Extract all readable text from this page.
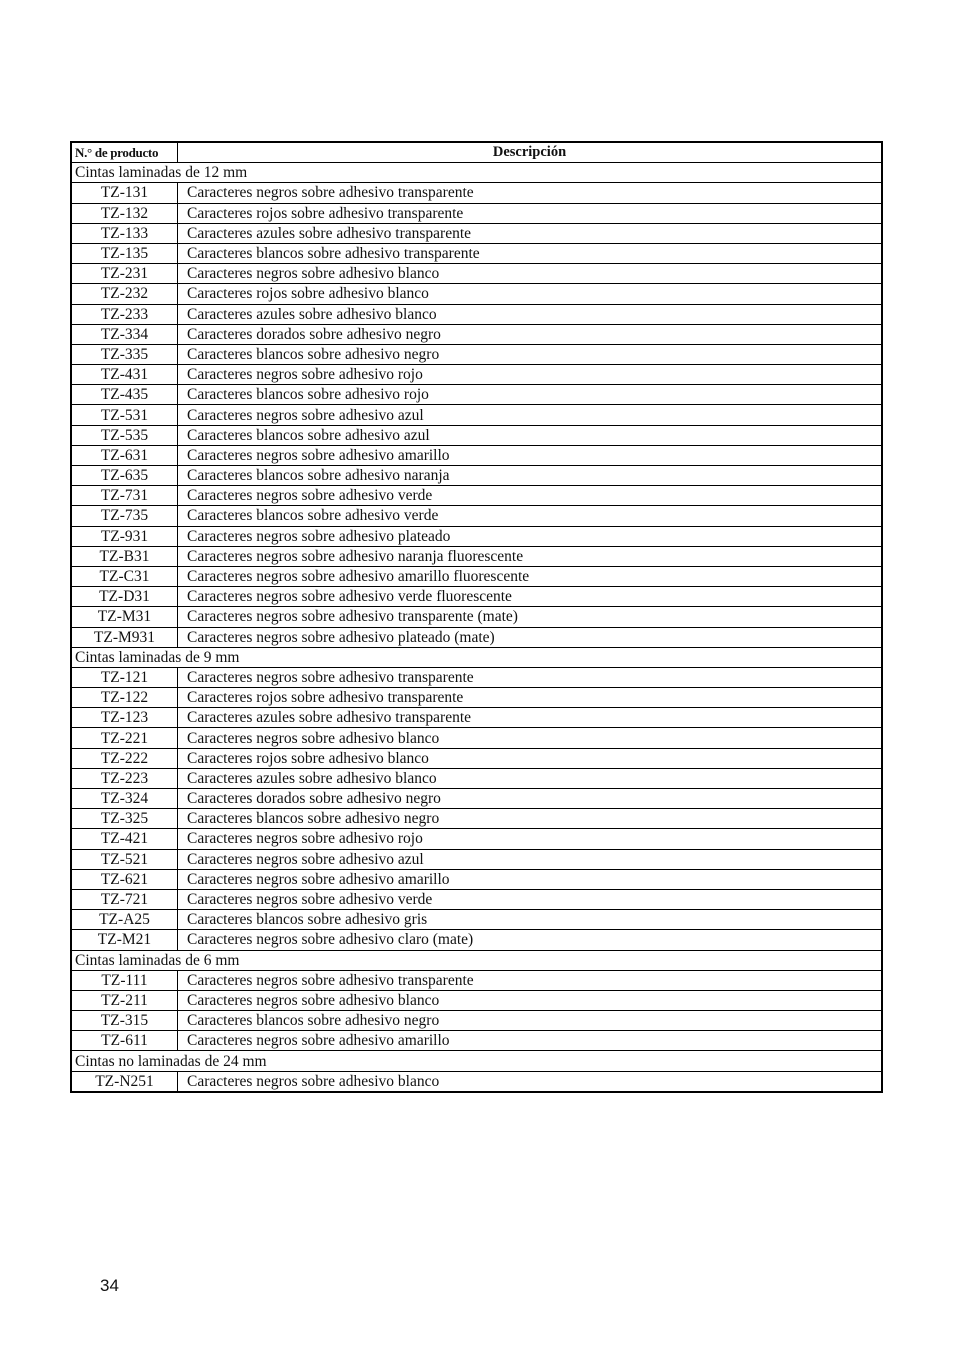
N.° de producto	Descripción
Cintas laminadas de 12 mm	
TZ-131	Caracteres negros sobre adhesivo transparente
TZ-132	Caracteres rojos sobre adhesivo transparente
TZ-133	Caracteres azules sobre adhesivo transparente
TZ-135	Caracteres blancos sobre adhesivo transparente
TZ-231	Caracteres negros sobre adhesivo blanco
TZ-232	Caracteres rojos sobre adhesivo blanco
TZ-233	Caracteres azules sobre adhesivo blanco
TZ-334	Caracteres dorados sobre adhesivo negro
TZ-335	Caracteres blancos sobre adhesivo negro
TZ-431	Caracteres negros sobre adhesivo rojo
TZ-435	Caracteres blancos sobre adhesivo rojo
TZ-531	Caracteres negros sobre adhesivo azul
TZ-535	Caracteres blancos sobre adhesivo azul
TZ-631	Caracteres negros sobre adhesivo amarillo
TZ-635	Caracteres blancos sobre adhesivo naranja
TZ-731	Caracteres negros sobre adhesivo verde
TZ-735	Caracteres blancos sobre adhesivo verde
TZ-931	Caracteres negros sobre adhesivo plateado
TZ-B31	Caracteres negros sobre adhesivo naranja fluorescente
TZ-C31	Caracteres negros sobre adhesivo amarillo fluorescente
TZ-D31	Caracteres negros sobre adhesivo verde fluorescente
TZ-M31	Caracteres negros sobre adhesivo transparente (mate)
TZ-M931	Caracteres negros sobre adhesivo plateado (mate)
Cintas laminadas de 9 mm	
TZ-121	Caracteres negros sobre adhesivo transparente
TZ-122	Caracteres rojos sobre adhesivo transparente
TZ-123	Caracteres azules sobre adhesivo transparente
TZ-221	Caracteres negros sobre adhesivo blanco
TZ-222	Caracteres rojos sobre adhesivo blanco
TZ-223	Caracteres azules sobre adhesivo blanco
TZ-324	Caracteres dorados sobre adhesivo negro
TZ-325	Caracteres blancos sobre adhesivo negro
TZ-421	Caracteres negros sobre adhesivo rojo
TZ-521	Caracteres negros sobre adhesivo azul
TZ-621	Caracteres negros sobre adhesivo amarillo
TZ-721	Caracteres negros sobre adhesivo verde
TZ-A25	Caracteres blancos sobre adhesivo gris
TZ-M21	Caracteres negros sobre adhesivo claro (mate)
Cintas laminadas de 6 mm	
TZ-111	Caracteres negros sobre adhesivo transparente
TZ-211	Caracteres negros sobre adhesivo blanco
TZ-315	Caracteres blancos sobre adhesivo negro
TZ-611	Caracteres negros sobre adhesivo amarillo
Cintas no laminadas de 24 mm	
TZ-N251	Caracteres negros sobre adhesivo blanco
34
